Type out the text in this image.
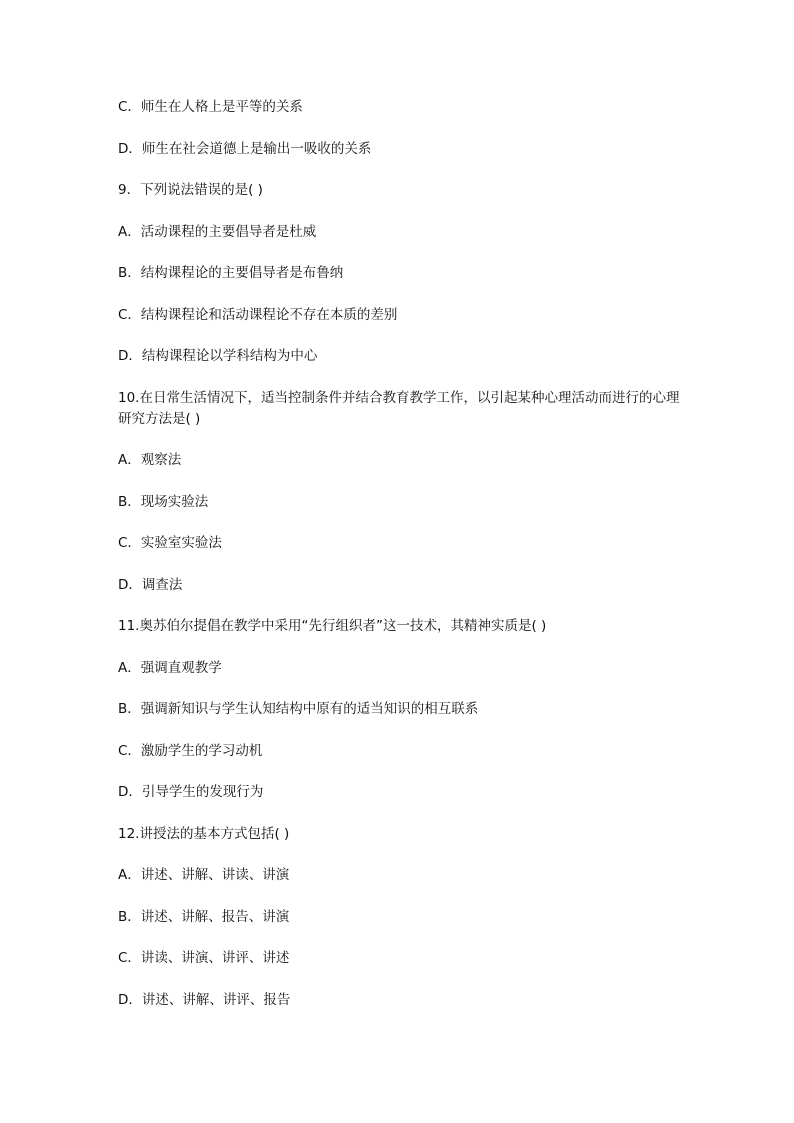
C．师生在人格上是平等的关系

D．师生在社会道德上是输出一吸收的关系

9．下列说法错误的是( )

A．活动课程的主要倡导者是杜威

B．结构课程论的主要倡导者是布鲁纳

C．结构课程论和活动课程论不存在本质的差别

D．结构课程论以学科结构为中心

10.在日常生活情况下，适当控制条件并结合教育教学工作，以引起某种心理活动而进行的心理研究方法是( )

A．观察法

B．现场实验法

C．实验室实验法

D．调查法

11.奥苏伯尔提倡在教学中采用“先行组织者”这一技术，其精神实质是( )

A．强调直观教学

B．强调新知识与学生认知结构中原有的适当知识的相互联系

C．激励学生的学习动机

D．引导学生的发现行为

12.讲授法的基本方式包括( )

A．讲述、讲解、讲读、讲演

B．讲述、讲解、报告、讲演

C．讲读、讲演、讲评、讲述

D．讲述、讲解、讲评、报告
